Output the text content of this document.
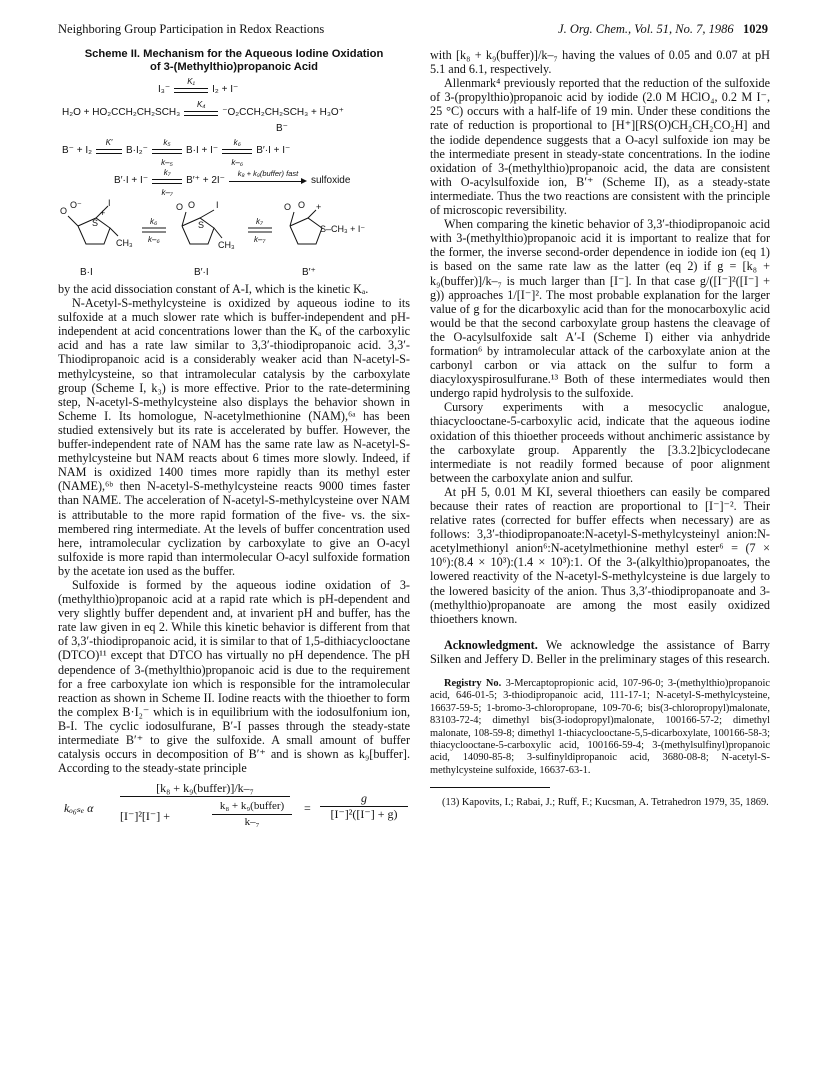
Neighboring Group Participation in Redox Reactions	J. Org. Chem., Vol. 51, No. 7, 1986 1029
Scheme II. Mechanism for the Aqueous Iodine Oxidation
of 3-(Methylthio)propanoic Acid
I₃⁻
K₁
I₂ + I⁻
H₂O + HO₂CCH₂CH₂SCH₃
K₄
⁻O₂CCH₂CH₂SCH₃ + H₃O⁺
B⁻
B⁻ + I₂
K′
B·I₂⁻
k₅
k–₅
B·I + I⁻
k₆
k–₆
B′·I + I⁻
B′·I + I⁻
k₇
k–₇
B′⁺ + 2I⁻
k₈ + k₉(buffer) fast
sulfoxide
O
O⁻
S
+
I
CH₃
k₆
k–₆
O O
S
I
CH₃
k₇
k–₇
O O +
S–CH₃ + I⁻
B·I	B′·I	B′⁺

by the acid dissociation constant of A-I, which is the kinetic Kₐ.

N-Acetyl-S-methylcysteine is oxidized by aqueous iodine to its sulfoxide at a much slower rate which is buffer-independent and pH-independent at acid concentrations lower than the Kₐ of the carboxylic acid and has a rate law similar to 3,3′-thiodipropanoic acid. 3,3′-Thiodipropanoic acid is a considerably weaker acid than N-acetyl-S-methylcysteine, so that intramolecular catalysis by the carboxylate group (Scheme I, k₃) is more effective. Prior to the rate-determining step, N-acetyl-S-methylcysteine also displays the behavior shown in Scheme I. Its homologue, N-acetylmethionine (NAM),⁶ᵃ has been studied extensively but its rate is accelerated by buffer. However, the buffer-independent rate of NAM has the same rate law as N-acetyl-S-methylcysteine but NAM reacts about 6 times more slowly. Indeed, if NAM is oxidized 1400 times more rapidly than its methyl ester (NAME),⁶ᵇ then N-acetyl-S-methylcysteine reacts 9000 times faster than NAME. The acceleration of N-acetyl-S-methylcysteine over NAM is attributable to the more rapid formation of the five- vs. the six-membered ring intermediate. At the levels of buffer concentration used here, intramolecular cyclization by carboxylate to give an O-acyl sulfoxide is more rapid than intermolecular O-acyl sulfoxide formation by the acetate ion used as the buffer.

Sulfoxide is formed by the aqueous iodine oxidation of 3-(methylthio)propanoic acid at a rapid rate which is pH-dependent and very slightly buffer dependent and, at invarient pH and buffer, has the rate law given in eq 2. While this kinetic behavior is different from that of 3,3′-thiodipropanoic acid, it is similar to that of 1,5-dithiacyclooctane (DTCO)¹¹ except that DTCO has virtually no pH dependence. The pH dependence of 3-(methylthio)propanoic acid is due to the requirement for a free carboxylate ion which is responsible for the intramolecular reaction as shown in Scheme II. Iodine reacts with the thioether to form the complex B·I₂⁻ which is in equilibrium with the iodosulfonium ion, B-I. The cyclic iodosulfurane, B′-I passes through the steady-state intermediate B′⁺ to give the sulfoxide. A small amount of buffer catalysis occurs in decomposition of B′⁺ and is shown as k₉[buffer]. According to the steady-state principle

kₒ₆ₛₑ⁤ α
[k₈ + k₉(buffer)]/k–₇
[I⁻]²[I⁻] +
k₈ + k₉(buffer)
k–₇
= $\frac{g}{\text{[I⁻]²([I⁻] + g)}}$

with [k₈ + k₉(buffer)]/k–₇ having the values of 0.05 and 0.07 at pH 5.1 and 6.1, respectively.

Allenmark⁴ previously reported that the reduction of the sulfoxide of 3-(propylthio)propanoic acid by iodide (2.0 M HClO₄, 0.2 M I⁻, 25 °C) occurs with a half-life of 19 min. Under these conditions the rate of reduction is proportional to [H⁺][RS(O)CH₂CH₂CO₂H] and the iodide dependence suggests that a O-acyl sulfoxide ion may be the intermediate present in steady-state concentrations. In the iodine oxidation of 3-(methylthio)propanoic acid, the data are consistent with O-acylsulfoxide ion, B′⁺ (Scheme II), as a steady-state intermediate. Thus the two reactions are consistent with the principle of microscopic reversibility.

When comparing the kinetic behavior of 3,3′-thiodipropanoic acid with 3-(methylthio)propanoic acid it is important to realize that for the former, the inverse second-order dependence in iodide ion (eq 1) is based on the same rate law as the latter (eq 2) if g = [k₈ + k₉(buffer)]/k–₇ is much larger than [I⁻]. In that case g/([I⁻]²([I⁻] + g)) approaches 1/[I⁻]². The most probable explanation for the larger value of g for the dicarboxylic acid than for the monocarboxylic acid would be that the second carboxylate group hastens the cleavage of the O-acylsulfoxide salt A′-I (Scheme I) either via anhydride formation⁶ by intramolecular attack of the carboxylate anion at the carbonyl carbon or via attack on the sulfur to form a diacyloxyspirosulfurane.¹³ Both of these intermediates would then undergo rapid hydrolysis to the sulfoxide.

Cursory experiments with a mesocyclic analogue, thiacyclooctane-5-carboxylic acid, indicate that the aqueous iodine oxidation of this thioether proceeds without anchimeric assistance by the carboxylate group. Apparently the [3.3.2]bicyclodecane intermediate is not readily formed because of poor alignment between the carboxylate anion and sulfur.

At pH 5, 0.01 M KI, several thioethers can easily be compared because their rates of reaction are proportional to [I⁻]⁻². Their relative rates (corrected for buffer effects when necessary) are as follows: 3,3′-thiodipropanoate:N-acetyl-S-methylcysteinyl anion:N-acetylmethionyl anion⁶:N-acetylmethionine methyl ester⁶ = (7 × 10⁶):(8.4 × 10³):(1.4 × 10³):1. Of the 3-(alkylthio)propanoates, the lowered reactivity of the N-acetyl-S-methylcysteine is due largely to the lowered basicity of the anion. Thus 3,3′-thiodipropanoate and 3-(methylthio)propanoate are among the most easily oxidized thioethers known.

Acknowledgment. We acknowledge the assistance of Barry Silken and Jeffery D. Beller in the preliminary stages of this research.

Registry No. 3-Mercaptopropionic acid, 107-96-0; 3-(methylthio)propanoic acid, 646-01-5; 3-thiodipropanoic acid, 111-17-1; N-acetyl-S-methylcysteine, 16637-59-5; 1-bromo-3-chloropropane, 109-70-6; bis(3-chloropropyl)malonate, 83103-72-4; dimethyl bis(3-iodopropyl)malonate, 100166-57-2; dimethyl malonate, 108-59-8; dimethyl 1-thiacyclooctane-5,5-dicarboxylate, 100166-58-3; thiacyclooctane-5-carboxylic acid, 100166-59-4; 3-(methylsulfinyl)propanoic acid, 14090-85-8; 3-sulfinyldipropanoic acid, 3680-08-8; N-acetyl-S-methylcysteine sulfoxide, 16637-63-1.

(13) Kapovits, I.; Rabai, J.; Ruff, F.; Kucsman, A. Tetrahedron 1979, 35, 1869.
